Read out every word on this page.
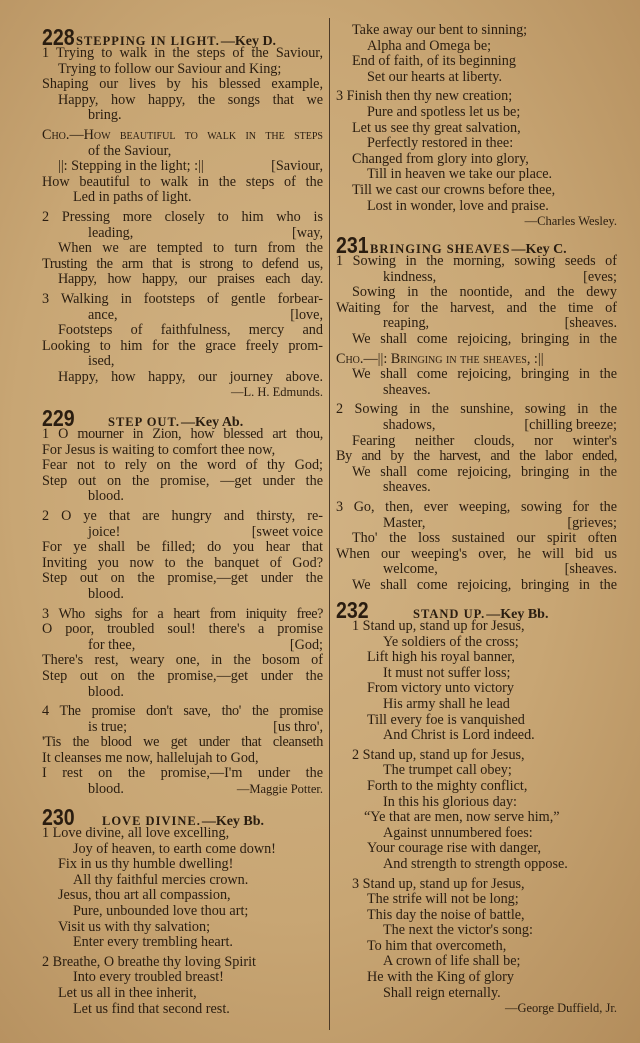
228 STEPPING IN LIGHT. —Key D.
1 Trying to walk in the steps of the Saviour,
Trying to follow our Saviour and King;
Shaping our lives by his blessed example,
Happy, how happy, the songs that we
bring.
Cho.—How beautiful to walk in the steps
of the Saviour,
||: Stepping in the light; :||	[Saviour,
How beautiful to walk in the steps of the
Led in paths of light.
2 Pressing more closely to him who is
leading,	[way,
When we are tempted to turn from the
Trusting the arm that is strong to defend us,
Happy, how happy, our praises each day.
3 Walking in footsteps of gentle forbear-
ance,	[love,
Footsteps of faithfulness, mercy and
Looking to him for the grace freely prom-
ised,
Happy, how happy, our journey above.
—L. H. Edmunds.
229	STEP OUT. —Key Ab.
1 O mourner in Zion, how blessed art thou,
For Jesus is waiting to comfort thee now,
Fear not to rely on the word of thy God;
Step out on the promise, —get under the
blood.
2 O ye that are hungry and thirsty, re-
joice!	[sweet voice
For ye shall be filled; do you hear that
Inviting you now to the banquet of God?
Step out on the promise,—get under the
blood.
3 Who sighs for a heart from iniquity free?
O poor, troubled soul! there's a promise
for thee,	[God;
There's rest, weary one, in the bosom of
Step out on the promise,—get under the
blood.
4 The promise don't save, tho' the promise
is true;	[us thro',
'Tis the blood we get under that cleanseth
It cleanses me now, hallelujah to God,
I rest on the promise,—I'm under the
blood.	—Maggie Potter.
230	LOVE DIVINE. —Key Bb.
1 Love divine, all love excelling,
Joy of heaven, to earth come down!
Fix in us thy humble dwelling!
All thy faithful mercies crown.
Jesus, thou art all compassion,
Pure, unbounded love thou art;
Visit us with thy salvation;
Enter every trembling heart.
2 Breathe, O breathe thy loving Spirit
Into every troubled breast!
Let us all in thee inherit,
Let us find that second rest.
Take away our bent to sinning;
Alpha and Omega be;
End of faith, of its beginning
Set our hearts at liberty.
3 Finish then thy new creation;
Pure and spotless let us be;
Let us see thy great salvation,
Perfectly restored in thee:
Changed from glory into glory,
Till in heaven we take our place.
Till we cast our crowns before thee,
Lost in wonder, love and praise.
—Charles Wesley.
231 BRINGING SHEAVES —Key C.
1 Sowing in the morning, sowing seeds of
kindness,	[eves;
Sowing in the noontide, and the dewy
Waiting for the harvest, and the time of
reaping,	[sheaves.
We shall come rejoicing, bringing in the
Cho.—||: Bringing in the sheaves, :||
We shall come rejoicing, bringing in the
sheaves.
2 Sowing in the sunshine, sowing in the
shadows,	[chilling breeze;
Fearing neither clouds, nor winter's
By and by the harvest, and the labor ended,
We shall come rejoicing, bringing in the
sheaves.
3 Go, then, ever weeping, sowing for the
Master,	[grieves;
Tho' the loss sustained our spirit often
When our weeping's over, he will bid us
welcome,	[sheaves.
We shall come rejoicing, bringing in the
232	STAND UP. —Key Bb.
1 Stand up, stand up for Jesus,
Ye soldiers of the cross;
Lift high his royal banner,
It must not suffer loss;
From victory unto victory
His army shall he lead
Till every foe is vanquished
And Christ is Lord indeed.
2 Stand up, stand up for Jesus,
The trumpet call obey;
Forth to the mighty conflict,
In this his glorious day:
“Ye that are men, now serve him,”
Against unnumbered foes:
Your courage rise with danger,
And strength to strength oppose.
3 Stand up, stand up for Jesus,
The strife will not be long;
This day the noise of battle,
The next the victor's song:
To him that overcometh,
A crown of life shall be;
He with the King of glory
Shall reign eternally.
—George Duffield, Jr.
